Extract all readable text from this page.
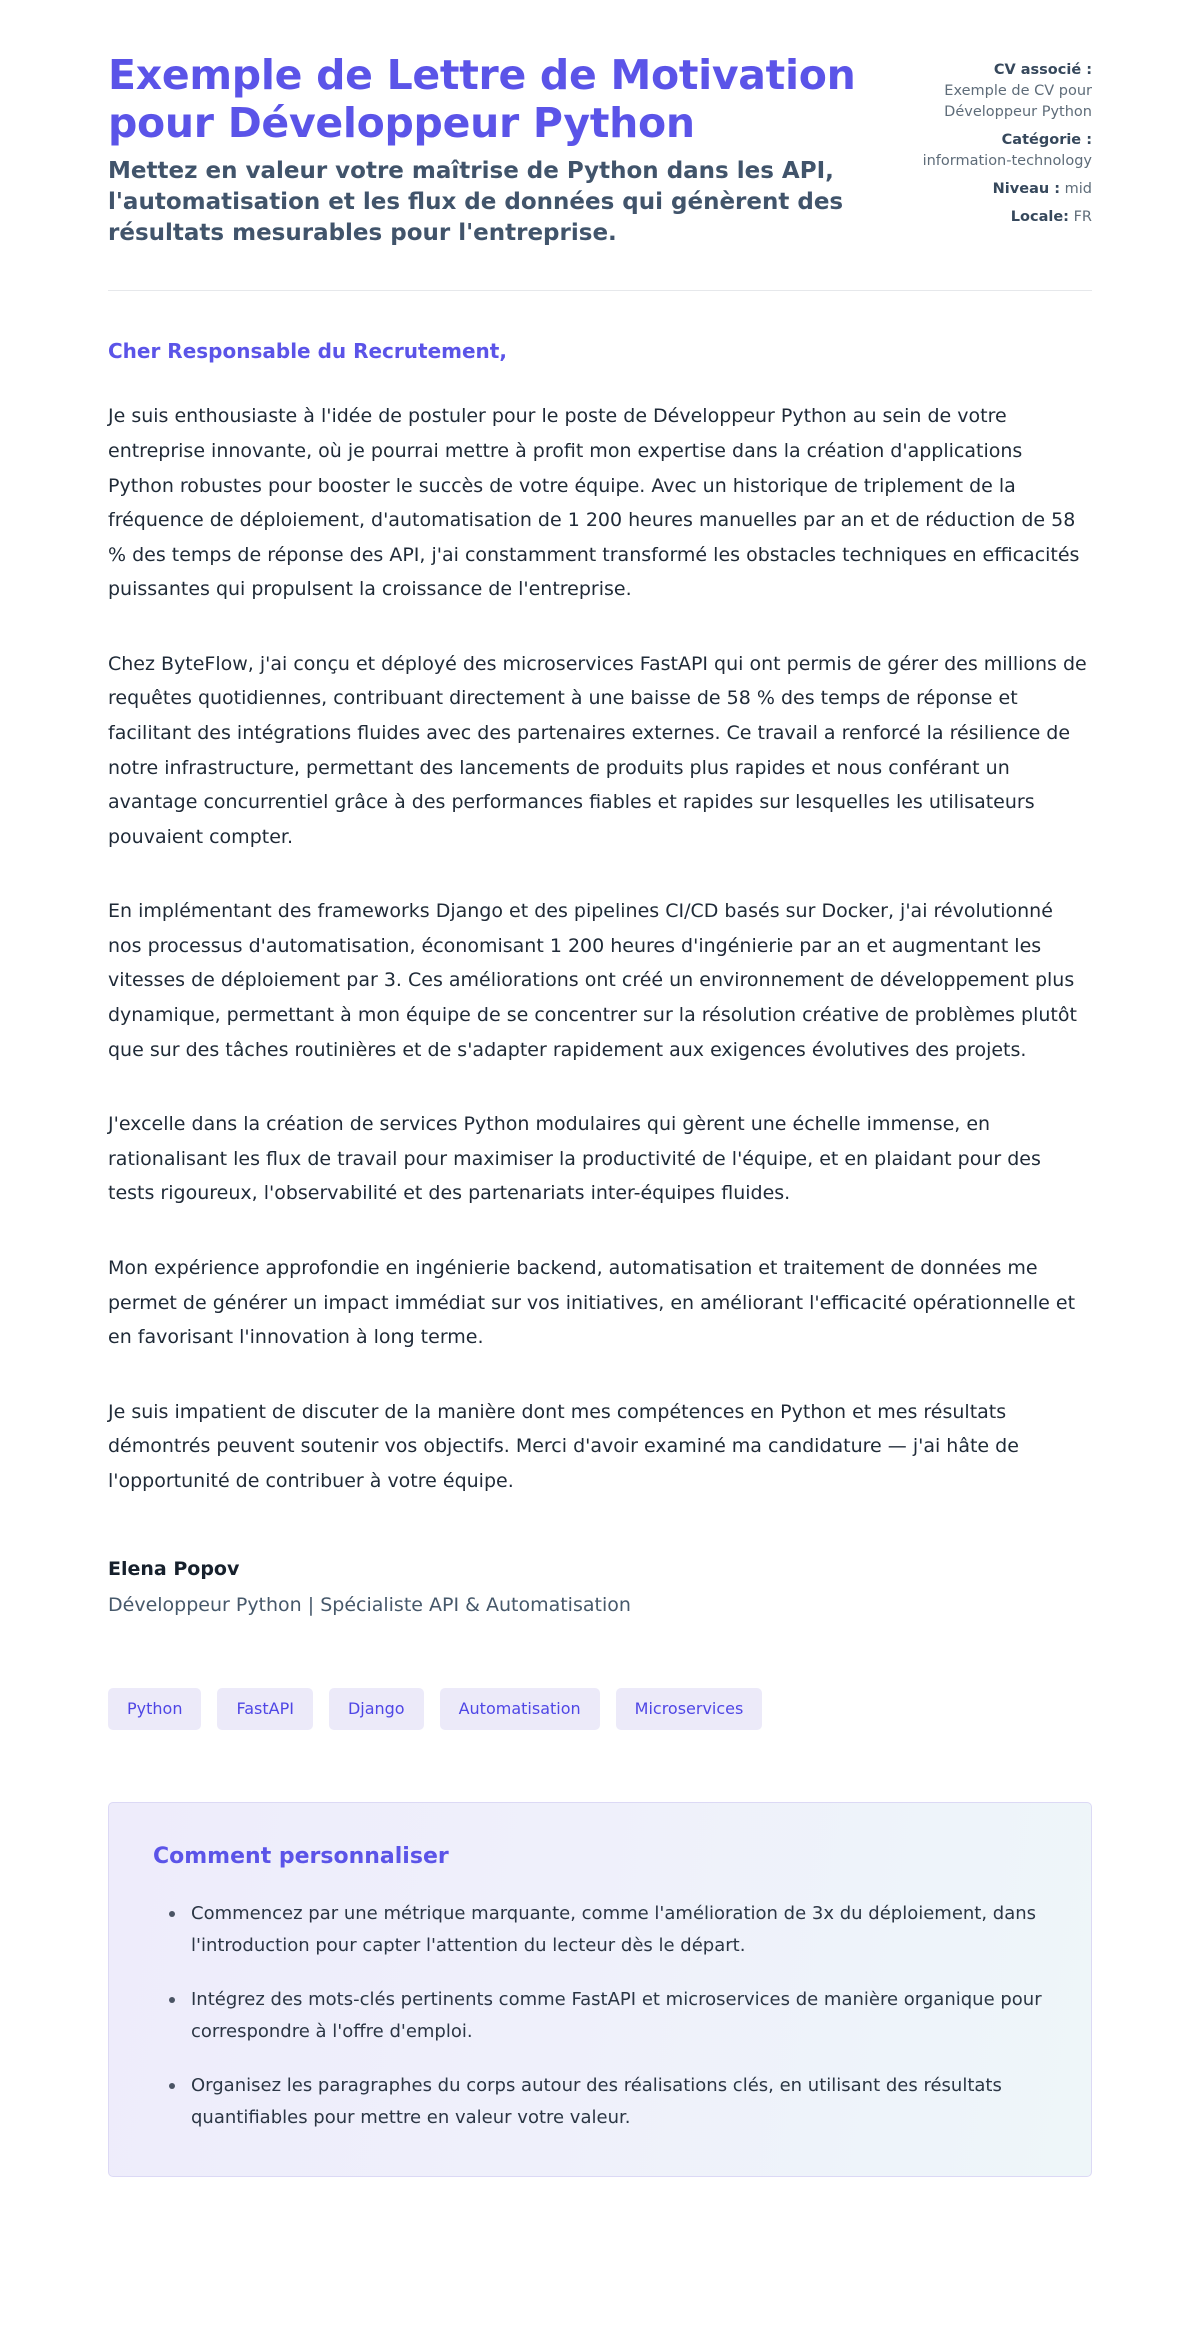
Exemple de Lettre de Motivation pour Développeur Python

Mettez en valeur votre maîtrise de Python dans les API, l'automatisation et les flux de données qui génèrent des résultats mesurables pour l'entreprise.

CV associé :
Exemple de CV pour Développeur Python
Catégorie :
information-technology
Niveau : mid
Locale: FR

Cher Responsable du Recrutement,

Je suis enthousiaste à l'idée de postuler pour le poste de Développeur Python au sein de votre entreprise innovante, où je pourrai mettre à profit mon expertise dans la création d'applications Python robustes pour booster le succès de votre équipe. Avec un historique de triplement de la fréquence de déploiement, d'automatisation de 1 200 heures manuelles par an et de réduction de 58 % des temps de réponse des API, j'ai constamment transformé les obstacles techniques en efficacités puissantes qui propulsent la croissance de l'entreprise.

Chez ByteFlow, j'ai conçu et déployé des microservices FastAPI qui ont permis de gérer des millions de requêtes quotidiennes, contribuant directement à une baisse de 58 % des temps de réponse et facilitant des intégrations fluides avec des partenaires externes. Ce travail a renforcé la résilience de notre infrastructure, permettant des lancements de produits plus rapides et nous conférant un avantage concurrentiel grâce à des performances fiables et rapides sur lesquelles les utilisateurs pouvaient compter.

En implémentant des frameworks Django et des pipelines CI/CD basés sur Docker, j'ai révolutionné nos processus d'automatisation, économisant 1 200 heures d'ingénierie par an et augmentant les vitesses de déploiement par 3. Ces améliorations ont créé un environnement de développement plus dynamique, permettant à mon équipe de se concentrer sur la résolution créative de problèmes plutôt que sur des tâches routinières et de s'adapter rapidement aux exigences évolutives des projets.

J'excelle dans la création de services Python modulaires qui gèrent une échelle immense, en rationalisant les flux de travail pour maximiser la productivité de l'équipe, et en plaidant pour des tests rigoureux, l'observabilité et des partenariats inter-équipes fluides.

Mon expérience approfondie en ingénierie backend, automatisation et traitement de données me permet de générer un impact immédiat sur vos initiatives, en améliorant l'efficacité opérationnelle et en favorisant l'innovation à long terme.

Je suis impatient de discuter de la manière dont mes compétences en Python et mes résultats démontrés peuvent soutenir vos objectifs. Merci d'avoir examiné ma candidature — j'ai hâte de l'opportunité de contribuer à votre équipe.

Elena Popov

Développeur Python | Spécialiste API & Automatisation

Python	FastAPI	Django	Automatisation	Microservices
Comment personnaliser
Commencez par une métrique marquante, comme l'amélioration de 3x du déploiement, dans l'introduction pour capter l'attention du lecteur dès le départ.
Intégrez des mots-clés pertinents comme FastAPI et microservices de manière organique pour correspondre à l'offre d'emploi.
Organisez les paragraphes du corps autour des réalisations clés, en utilisant des résultats quantifiables pour mettre en valeur votre valeur.
